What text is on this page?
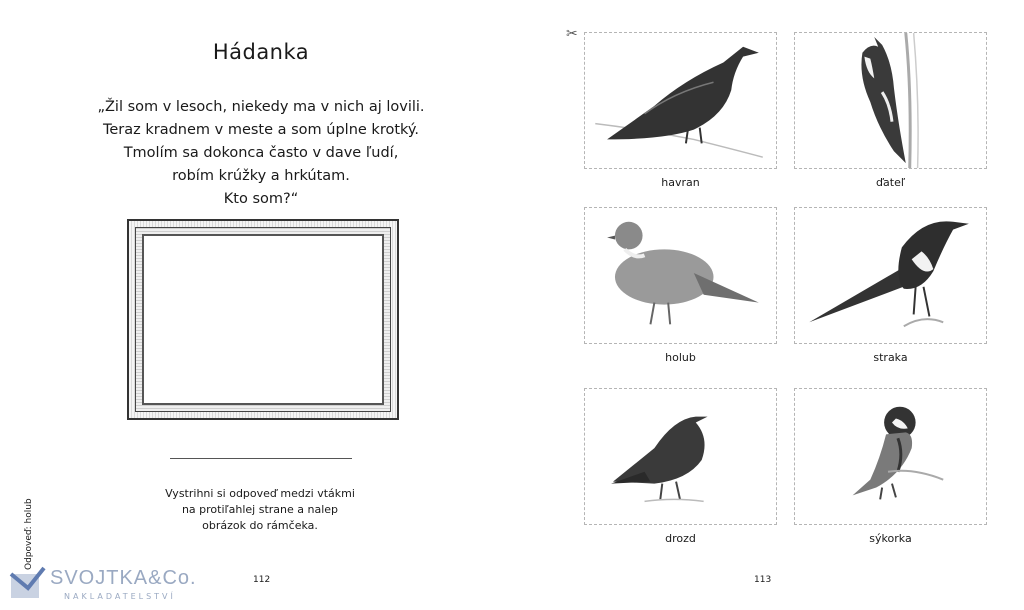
Hádanka
„Žil som v lesoch, niekedy ma v nich aj lovili.
Teraz kradnem v meste a som úplne krotký.
Tmolím sa dokonca často v dave ľudí,
robím krúžky a hrkútam.
Kto som?“
Vystrihni si odpoveď medzi vtákmi
na protiľahlej strane a nalep
obrázok do rámčeka.
Odpoveď: holub
SVOJTKA&Co.
NAKLADATELSTVÍ
112
✂
havran	ďateľ
holub	straka
drozd	sýkorka
113
